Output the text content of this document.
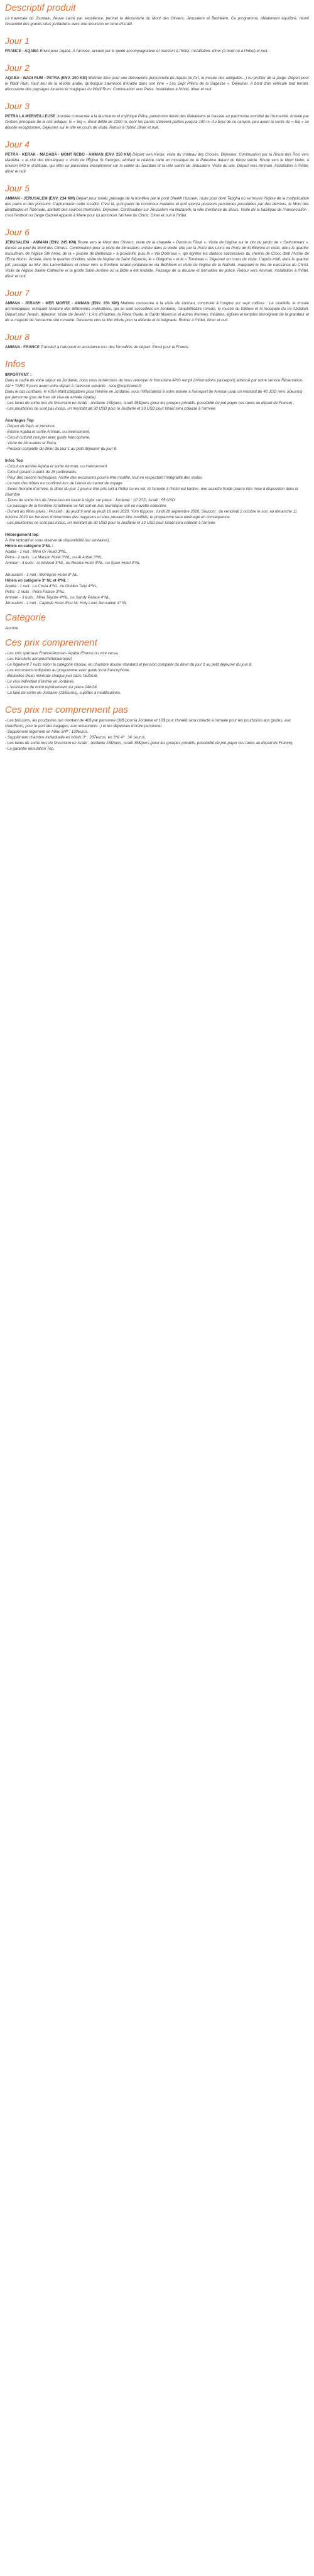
Descriptif produit

La traversée du Jourdain, fleuve sacré par excellence, permet la découverte du Mont des Oliviers, Jérusalem et Bethléem. Ce programme, idéalement équilibré, réunit l'essentiel des grands sites jordaniens avec une incursion en terre d'Israël.

Jour 1

FRANCE - AQABA Envol pour Aqaba. A l'arrivée, accueil par le guide accompagnateur et transfert à l'hôtel. Installation, dîner (à bord ou à l'hôtel) et nuit.

Jour 2

AQABA - WADI RUM - PETRA (ENV. 200 KM) Matinée libre pour une découverte personnelle de Aqaba (le fort, le musée des antiquités...) ou profiter de la plage. Départ pour le Wadi Rum, haut lieu de la révolte arabe, qu'évoque Lawrence d'Arabie dans son livre « Les Sept Piliers de la Sagesse ». Déjeuner. A bord d'un véhicule tout terrain, découverte des paysages lunaires et magiques du Wadi Rum. Continuation vers Petra. Installation à l'hôtel, dîner et nuit.

Jour 3

PETRA LA MERVEILLEUSE Journée consacrée à la fascinante et mythique Pétra, patrimoine hérité des Nabatéens et classée au patrimoine mondial de l'humanité. Arrivée par l'entrée principale de la cité antique, le « Siq », étroit défilé de 1200 m, dont les parois s'élèvent parfois jusqu'à 100 m. Au bout de ce canyon, peu avant la sortie du « Siq » se dévoile exceptionnel. Déjeuner sur le site en cours de visite. Retour à l'hôtel, dîner et nuit.

Jour 4

PETRA - KERAK - MADABA - MONT NEBO - AMMAN (ENV. 250 KM) Départ vers Kerak, visite du château des Croisés. Déjeuner. Continuation par la Route des Rois vers Madaba, « la cité des Mosaïques » Visite de l'Église St Georges, abritant la célèbre carte en mosaïque de la Palestine datant du 6ème siècle. Route vers le Mont Nebo, à environ 840 m d'altitude, qui offre un panorama exceptionnel sur la vallée du Jourdain et la ville sainte de Jérusalem. Visite du site. Départ vers Amman. Installation à l'hôtel, dîner et nuit.

Jour 5

AMMAN - JERUSALEM (ENV. 234 KM) Départ pour Israël, passage de la frontière par le pont Sheikh Hussein, route pour dont Tabgha où se trouve l'église de la multiplication des pains et des poissons. Capharnaüm cette localité. C'est là, qu'il guérit de nombreux malades et qu'il exerça plusieurs personnes possédées par des démons, le Mont des Béatitudes et Tibériade, abritant des sources thermales. Déjeuner. Continuation sur Jérusalem via Nazareth, la ville d'enfance de Jésus. Visite de la basilique de l'Annonciation : c'est l'endroit où l'ange Gabriel apparut à Marie pour lui annoncer l'arrivée du Christ. Dîner et nuit à l'hôtel.

Jour 6

JERUSALEM - AMMAN (ENV. 245 KM) Route vers le Mont des Oliviers, visite de la chapelle « Dominus Flevit ». Visite de l'église sur le site du jardin de « Gethsémani », élevée au pied du Mont des Oliviers. Continuation pour la visite de Jérusalem, entrée dans la vieille ville par la Porte des Lions ou Porte de St Etienne et visite, dans le quartier musulman, de l'église Ste Anne, de la « piscine de Bethesda » à proximité, puis la « Via Dolorosa », qui égrène les stations successives du chemin de Croix, dont l'Arche de l'Ecce Homo. Arrivée, dans le quartier chrétien, visite de l'église du Saint Sépulcre, le « Golgotha » et le « Tombeau ». Déjeuner en cours de visite. L'après-midi, dans le quartier juif, passage au Mur des Lamentations et retour vers la frontière israélo-jordanienne via Bethléem et visite de l'église de la Nativité, marquant le lieu de naissance du Christ. Visite de l'église Sainte-Catherine et la grotte Saint-Jérôme où la Bible a été traduite. Passage de la douane et formalités de police. Retour vers Amman, installation à l'hôtel, dîner et nuit.

Jour 7

AMMAN - JERASH - MER MORTE - AMMAN (ENV. 150 KM) Matinée consacrée à la visite de Amman, construite à l'origine sur sept collines : La citadelle, le musée archéologique, retraçant l'histoire des différentes civilisations, qui se sont succédées en Jordanie, l'amphithéâtre romain, le musée du folklore et la mosquée du roi Abdallah. Départ pour Jerash, déjeuner. Visite de Jerash : L'Arc d'Hadrien, la Place Ovale, le Cardo Maximus et autres thermes, théâtres, églises et temples témoignent de la grandeur et de la majesté de l'ancienne cité romaine. Descente vers la Mer Morte pour la détente et la baignade. Retour à l'hôtel, dîner et nuit.

Jour 8

AMMAN - FRANCE Transfert à l'aéroport et assistance lors des formalités de départ. Envol pour la France.

Infos

IMPORTANT :

Dans le cadre de votre séjour en Jordanie, nous vous remercions de nous renvoyer le formulaire APIS rempli (informations passeport) adressé par notre service Réservation, AU + TARD 5 jours avant votre départ à l'adresse suivante : resa@koptitravel.fr

Dans le cas contraire, le VISA étant obligatoire pour l'entrée en Jordanie, vous l'effectuerez à votre arrivée à l'aéroport de Amman pour un montant de 40 JOD (env. 50euros) par personne (pas de frais de visa en arrivée Aqaba).

- Les taxes de sortie lors de l'incursion en Israël : Jordanie 15$/pers, Israël 35$/pers (pour les groupes privatifs, possibilité de pré-payer ces taxes au départ de France) ;

- Les pourboires ne sont pas inclus, un montant de 30 USD pour la Jordanie et 10 USD pour Israël sera collecté à l'arrivée.

Avantages Top

- Départ de Paris et province,

- Entrée Aqaba et sortie Amman, ou inversement,

- Circuit culturel complet avec guide francophone,

- Visite de Jérusalem et Petra.

- Pension complète du dîner du jour 1 au petit déjeuner du jour 8.

Infos Top

- Circuit en arrivée Aqaba et sortie Amman, ou inversement

- Circuit garanti à partir de 15 participants.

- Pour des raisons techniques, l'ordre des excursions pourra être modifié, tout en respectant l'intégralité des visites.

- Le nom des hôtels est confirmé lors de l'envoi du carnet de voyage

- Selon l'horaire d'arrivée, le dîner du jour 1 pourra être pris soit à l'hôtel ou en vol. Si l'arrivée à l'hôtel est tardive, une assiette froide pourra être mise à disposition dans la chambre

- Taxes de sortie lors de l'incursion en Israël à régler sur place : Jordanie : 10 JOD, Israël : 55 USD

- Le passage de la frontière Israélienne se fait soit en bus touristique soit en navette collective.

- Durant les fêtes juives : Pessa'h : du jeudi 9 avril au jeudi 16 avril 2020, Yom Kippour : lundi 28 septembre 2020, Souccot : du vendredi 2 octobre le soir, au dimanche 11 octobre 2020 les horaires d'ouvertures des magasins et sites peuvent être modifiés, le programme sera aménagé en conséquence.

- Les pourboires ne sont pas inclus, un montant de 30 USD pour la Jordanie et 10 USD pour Israël sera collecté à l'arrivée.

Hébergement top

A titre indicatif et sous réserve de disponibilité (ou similaires) :

Hôtels en catégorie 3*NL :

Aqaba - 1 nuit : Mina Or Road 3*NL,

Petra - 2 nuits : La Maison Hotel 3*NL, ou Al Anbat 3*NL,

Amman - 3 nuits : Al Waleed 3*NL, ou Rosina Hotel 3*NL, ou Sparr Hotel 3*NL

Jérusalem - 1 nuit : Metropole Hotel 3* NL.

Hôtels en catégorie 3* NL et 4*NL :

Aqaba - 1 nuit : La Costa 4*NL, ou Golden Tulip 4*NL,

Petra - 2 nuits : Petra Palace 3*NL,

Amman - 3 nuits : Mina Tayche 4*NL, ou Sandy Palace 4*NL,

Jérusalem - 1 nuit : Capitole Hotel 4*ou NL Holy Land Jerusalem 4* NL

Categorie

Aucune

Ces prix comprennent

- Les vols spéciaux France/Amman- Aqaba /France ou vice versa,

- Les transferts aéroport/hôtel/aéroport,

- Le logement 7 nuits selon la catégorie choisie, en chambre double standard et pension complète du dîner du jour 1 au petit déjeuner du jour 8,

- Les excursions indiquées au programme avec guide local francophone,

- Bouteilles d'eau minérale chaque jour dans l'autocar,

- Le visa individuel d'entrée en Jordanie,

- L'assistance de notre représentant sur place 24h/24,

- La taxe de sortie de Jordanie (135euros), sujettes à modifications.

Ces prix ne comprennent pas

- Les boissons, les pourboires (un montant de 40$ par personne (30$ pour la Jordanie et 10$ pour l'Israël) sera collecté à l'arrivée pour les pourboires aux guides, aux chauffeurs, pour le port des bagages, aux restaurants...) et les dépenses d'ordre personnel.

- Supplément logement en hôtel 3/4* : 130euros,

- Supplément chambre individuelle en hôtels 3* : 287euros, en 3*& 4* : 34 1euros,

- Les taxes de sortie lors de l'incursion en Israël : Jordanie 15$/pers, Israël 35$/pers (pour les groupes privatifs, possibilité de pré-payer ces taxes au départ de France),

- La garantie annulation Top.
